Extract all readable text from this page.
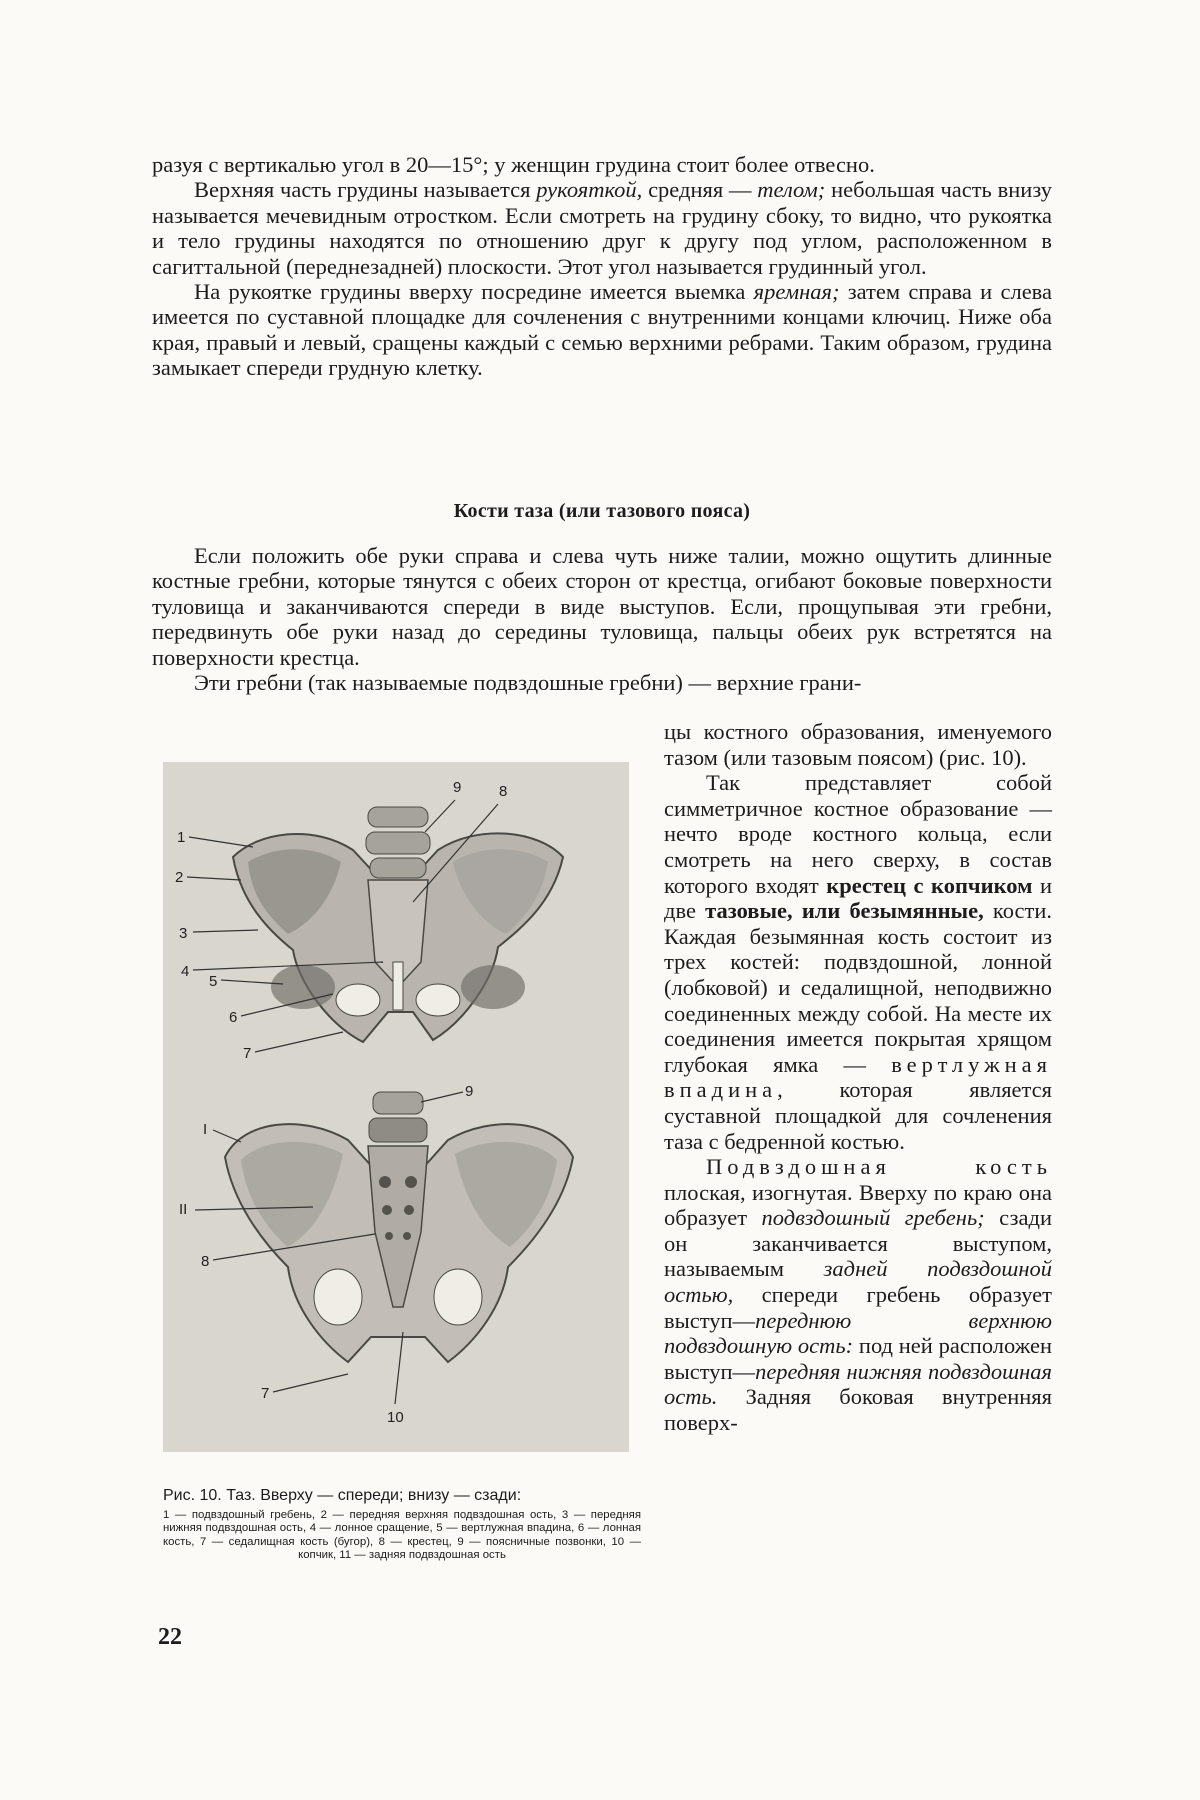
разуя с вертикалью угол в 20—15°; у женщин грудина стоит более отвесно.

Верхняя часть грудины называется рукояткой, средняя — телом; небольшая часть внизу называется мечевидным отростком. Если смотреть на грудину сбоку, то видно, что рукоятка и тело грудины находятся по отношению друг к другу под углом, расположенном в сагиттальной (переднезадней) плоскости. Этот угол называется грудинный угол.

На рукоятке грудины вверху посредине имеется выемка яремная; затем справа и слева имеется по суставной площадке для сочленения с внутренними концами ключиц. Ниже оба края, правый и левый, сращены каждый с семью верхними ребрами. Таким образом, грудина замыкает спереди грудную клетку.

Кости таза (или тазового пояса)

Если положить обе руки справа и слева чуть ниже талии, можно ощутить длинные костные гребни, которые тянутся с обеих сторон от крестца, огибают боковые поверхности туловища и заканчиваются спереди в виде выступов. Если, прощупывая эти гребни, передвинуть обе руки назад до середины туловища, пальцы обеих рук встретятся на поверхности крестца.

Эти гребни (так называемые подвздошные гребни) — верхние грани-

цы костного образования, именуемого тазом (или тазовым поясом) (рис. 10).

Так представляет собой симметричное костное образование — нечто вроде костного кольца, если смотреть на него сверху, в состав которого входят крестец с копчиком и две тазовые, или безымянные, кости. Каждая безымянная кость состоит из трех костей: подвздошной, лонной (лобковой) и седалищной, неподвижно соединенных между собой. На месте их соединения имеется покрытая хрящом глубокая ямка — вертлужная впадина, которая является суставной площадкой для сочленения таза с бедренной костью.

Подвздошная кость плоская, изогнутая. Вверху по краю она образует подвздошный гребень; сзади он заканчивается выступом, называемым задней подвздошной остью, спереди гребень образует выступ—переднюю верхнюю подвздошную ость: под ней расположен выступ—передняя нижняя подвздошная ость. Задняя боковая внутренняя поверх-

9	8
1
2
3
4
5
6
7
9
I
II
8
7
10

Рис. 10. Таз. Вверху — спереди; внизу — сзади:

1 — подвздошный гребень, 2 — передняя верхняя подвздошная ость, 3 — передняя нижняя подвздошная ость, 4 — лонное сращение, 5 — вертлужная впадина, 6 — лонная кость, 7 — седалищная кость (бугор), 8 — крестец, 9 — поясничные позвонки, 10 — копчик, 11 — задняя подвздошная ость

22
